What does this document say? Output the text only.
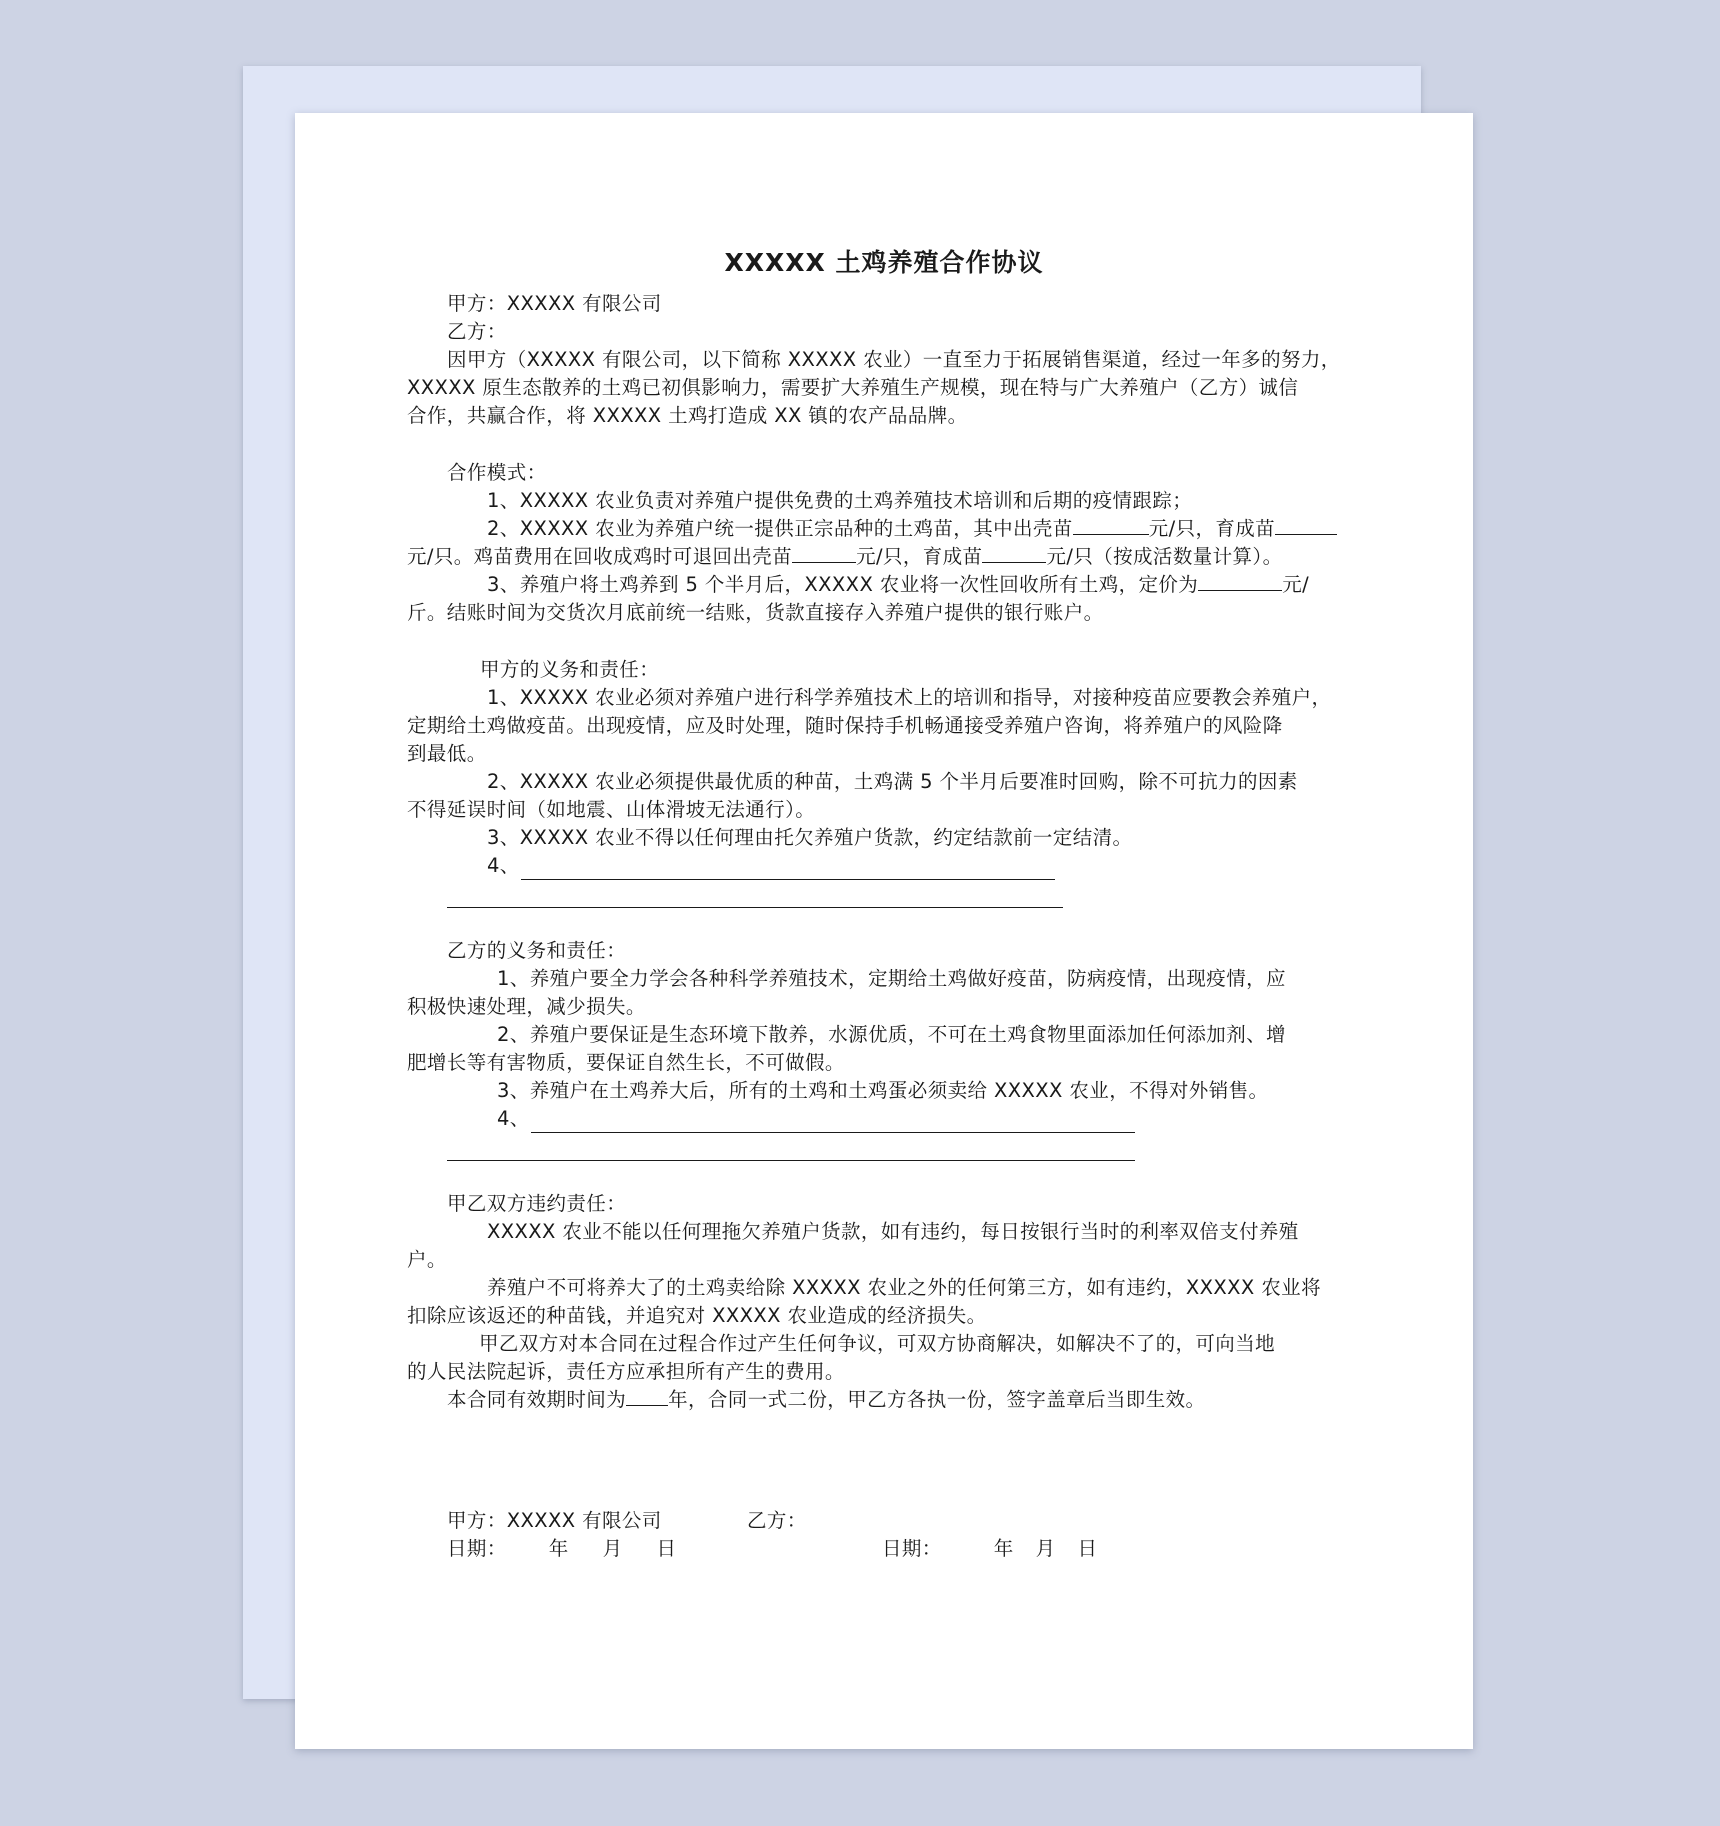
XXXXX 土鸡养殖合作协议
甲方：XXXXX 有限公司
乙方：
因甲方（XXXXX 有限公司，以下简称 XXXXX 农业）一直至力于拓展销售渠道，经过一年多的努力，
XXXXX 原生态散养的土鸡已初俱影响力，需要扩大养殖生产规模，现在特与广大养殖户（乙方）诚信
合作，共赢合作，将 XXXXX 土鸡打造成 XX 镇的农产品品牌。
合作模式：
1、XXXXX 农业负责对养殖户提供免费的土鸡养殖技术培训和后期的疫情跟踪；
2、XXXXX 农业为养殖户统一提供正宗品种的土鸡苗，其中出壳苗	元/只，育成苗
元/只。鸡苗费用在回收成鸡时可退回出壳苗	元/只，育成苗	元/只（按成活数量计算）。
3、养殖户将土鸡养到 5 个半月后，XXXXX 农业将一次性回收所有土鸡，定价为	元/
斤。结账时间为交货次月底前统一结账，货款直接存入养殖户提供的银行账户。
甲方的义务和责任：
1、XXXXX 农业必须对养殖户进行科学养殖技术上的培训和指导，对接种疫苗应要教会养殖户，
定期给土鸡做疫苗。出现疫情，应及时处理，随时保持手机畅通接受养殖户咨询，将养殖户的风险降
到最低。
2、XXXXX 农业必须提供最优质的种苗，土鸡满 5 个半月后要准时回购，除不可抗力的因素
不得延误时间（如地震、山体滑坡无法通行）。
3、XXXXX 农业不得以任何理由托欠养殖户货款，约定结款前一定结清。
4、
乙方的义务和责任：
1、养殖户要全力学会各种科学养殖技术，定期给土鸡做好疫苗，防病疫情，出现疫情，应
积极快速处理，减少损失。
2、养殖户要保证是生态环境下散养，水源优质，不可在土鸡食物里面添加任何添加剂、增
肥增长等有害物质，要保证自然生长，不可做假。
3、养殖户在土鸡养大后，所有的土鸡和土鸡蛋必须卖给 XXXXX 农业，不得对外销售。
4、
甲乙双方违约责任：
XXXXX 农业不能以任何理拖欠养殖户货款，如有违约，每日按银行当时的利率双倍支付养殖
户。
养殖户不可将养大了的土鸡卖给除 XXXXX 农业之外的任何第三方，如有违约，XXXXX 农业将
扣除应该返还的种苗钱，并追究对 XXXXX 农业造成的经济损失。
甲乙双方对本合同在过程合作过产生任何争议，可双方协商解决，如解决不了的，可向当地
的人民法院起诉，责任方应承担所有产生的费用。
本合同有效期时间为 年，合同一式二份，甲乙方各执一份，签字盖章后当即生效。
甲方：XXXXX 有限公司	乙方：
日期： 年 月 日	日期：	年 月 日
